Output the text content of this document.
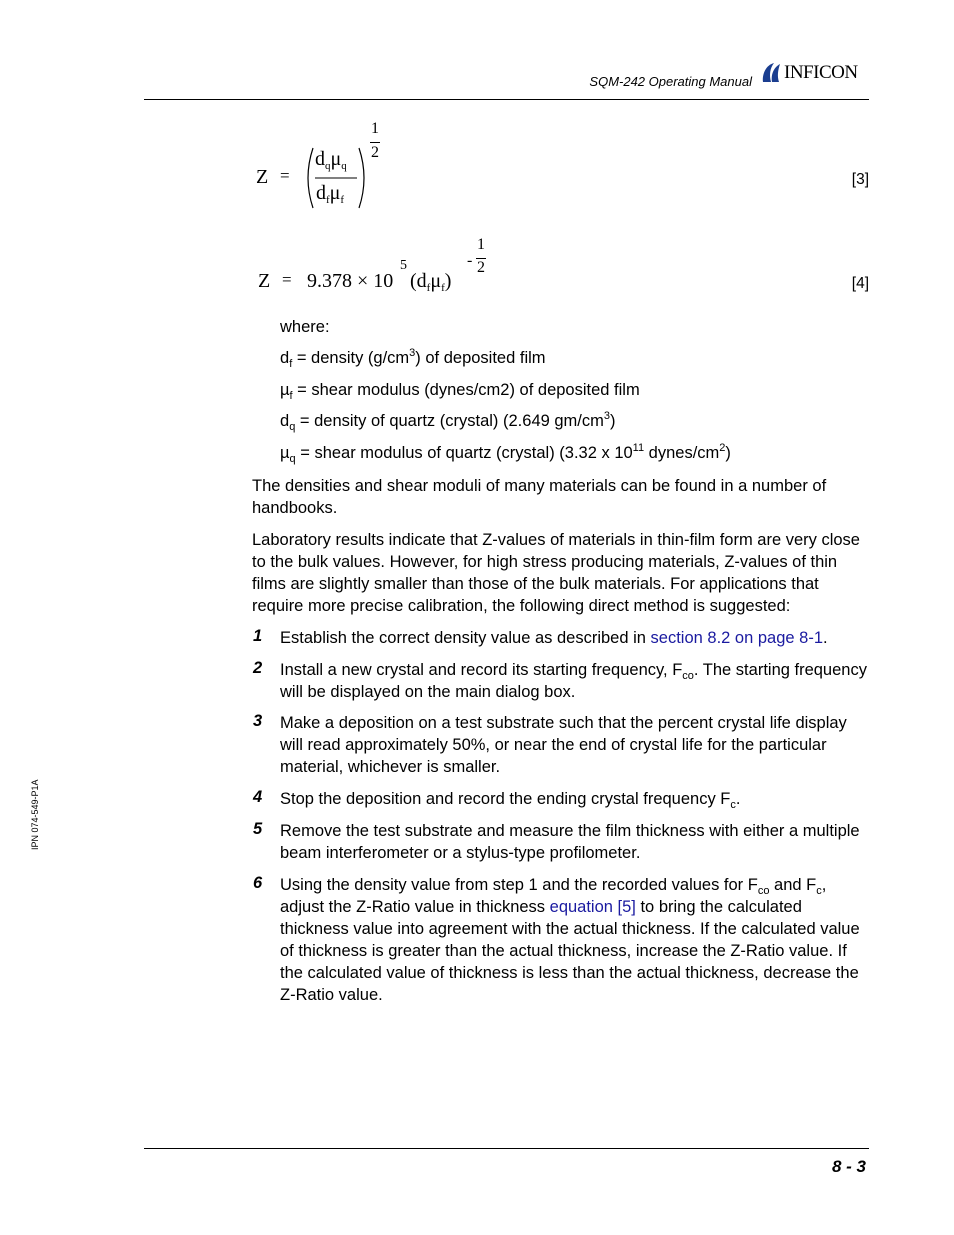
SQM-242 Operating Manual INFICON
IPN 074-549-P1A
Z =
$d_q\mu_q$
$d_f\mu_f$
1
2
[3]
Z = 9.378 × 10
5
$(d_f\mu_f)$
-
1
2
[4]
where:
$d_f$ = density $(g/cm^3)$ of deposited film
µ$_f$ = shear modulus (dynes/cm2) of deposited film
$d_q$ = density of quartz (crystal) (2.649 $gm/cm^3$)
µ$_q$ = shear modulus of quartz (crystal) (3.32 x $10^{11}$ dynes/$cm^2$)
The densities and shear moduli of many materials can be found in a number of handbooks.
Laboratory results indicate that Z-values of materials in thin-film form are very close to the bulk values. However, for high stress producing materials, Z-values of thin films are slightly smaller than those of the bulk materials. For applications that require more precise calibration, the following direct method is suggested:
1 Establish the correct density value as described in section 8.2 on page 8-1.
2 Install a new crystal and record its starting frequency, $F_{co}$. The starting frequency will be displayed on the main dialog box.
3 Make a deposition on a test substrate such that the percent crystal life display will read approximately 50%, or near the end of crystal life for the particular material, whichever is smaller.
4 Stop the deposition and record the ending crystal frequency $F_c$.
5 Remove the test substrate and measure the film thickness with either a multiple beam interferometer or a stylus-type profilometer.
6 Using the density value from step 1 and the recorded values for $F_{co}$ and $F_c$, adjust the Z-Ratio value in thickness equation [5] to bring the calculated thickness value into agreement with the actual thickness. If the calculated value of thickness is greater than the actual thickness, increase the Z-Ratio value. If the calculated value of thickness is less than the actual thickness, decrease the Z-Ratio value.
8 - 3
